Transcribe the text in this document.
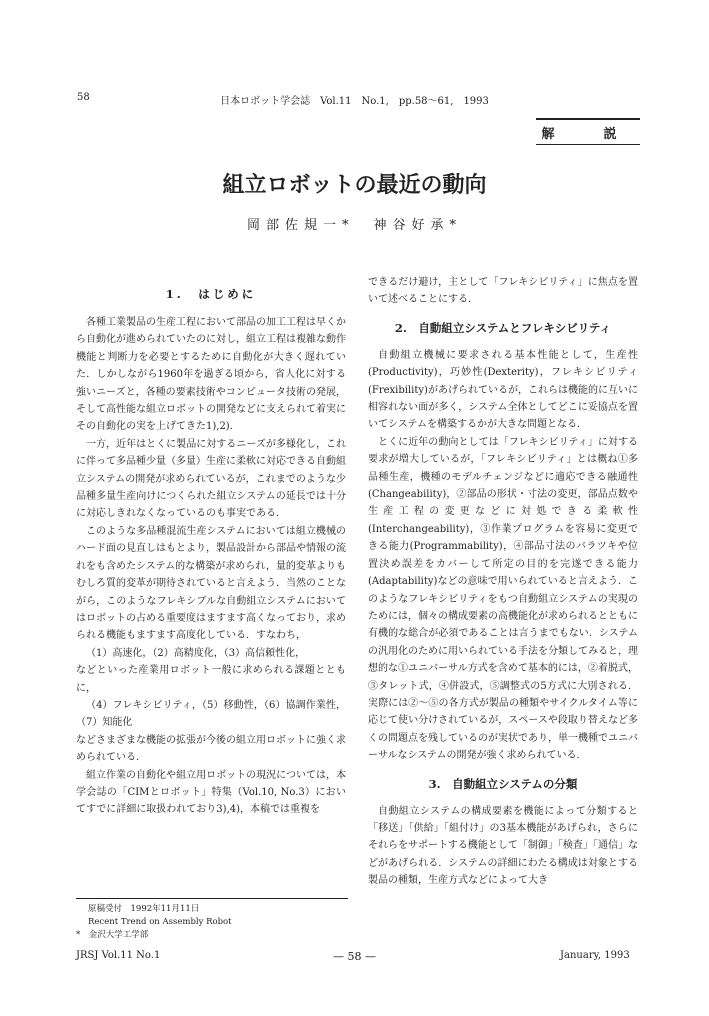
58	日本ロボット学会誌　Vol.11　No.1,　pp.58～61,　1993
解　説
組立ロボットの最近の動向
岡部佐規一*　神谷好承*

1.　はじめに

各種工業製品の生産工程において部品の加工工程は早くから自動化が進められていたのに対し，組立工程は複雑な動作機能と判断力を必要とするために自動化が大きく遅れていた．しかしながら1960年を過ぎる頃から，省人化に対する強いニーズと，各種の要素技術やコンピュータ技術の発展，そして高性能な組立ロボットの開発などに支えられて着実にその自動化の実を上げてきた1),2)．

一方，近年はとくに製品に対するニーズが多様化し，これに伴って多品種少量（多量）生産に柔軟に対応できる自動組立システムの開発が求められているが，これまでのような少品種多量生産向けにつくられた組立システムの延長では十分に対応しきれなくなっているのも事実である．

このような多品種混流生産システムにおいては組立機械のハード面の見直しはもとより，製品設計から部品や情報の流れをも含めたシステム的な構築が求められ，量的変革よりもむしろ質的変革が期待されていると言えよう．当然のことながら，このようなフレキシブルな自動組立システムにおいてはロボットの占める重要度はますます高くなっており，求められる機能もますます高度化している．すなわち，

（1）高速化，（2）高精度化，（3）高信頼性化，

などといった産業用ロボット一般に求められる課題とともに，

（4）フレキシビリティ，（5）移動性，（6）協調作業性，（7）知能化

などさまざまな機能の拡張が今後の組立用ロボットに強く求められている．

組立作業の自動化や組立用ロボットの現況については，本学会誌の「CIMとロボット」特集（Vol.10, No.3）においてすでに詳細に取扱われており3),4)，本稿では重複を

できるだけ避け，主として「フレキシビリティ」に焦点を置いて述べることにする．

2.　自動組立システムとフレキシビリティ

自動組立機械に要求される基本性能として，生産性(Productivity)，巧妙性(Dexterity)，フレキシビリティ(Frexibility)があげられているが，これらは機能的に互いに相容れない面が多く，システム全体としてどこに妥協点を置いてシステムを構築するかが大きな問題となる．

とくに近年の動向としては「フレキシビリティ」に対する要求が増大しているが，「フレキシビリティ」とは概ね①多品種生産，機種のモデルチェンジなどに適応できる融通性(Changeability)，②部品の形状・寸法の変更，部品点数や生産工程の変更などに対処できる柔軟性(Interchangeability)，③作業プログラムを容易に変更できる能力(Programmability)，④部品寸法のバラツキや位置決め誤差をカバーして所定の目的を完遂できる能力(Adaptability)などの意味で用いられていると言えよう．このようなフレキシビリティをもつ自動組立システムの実現のためには，個々の構成要素の高機能化が求められるとともに有機的な総合が必須であることは言うまでもない．システムの汎用化のために用いられている手法を分類してみると，理想的な①ユニバーサル方式を含めて基本的には，②着脱式，③タレット式，④併設式，⑤調整式の5方式に大別される．実際には②～⑤の各方式が製品の種類やサイクルタイム等に応じて使い分けされているが，スペースや段取り替えなど多くの問題点を残しているのが実状であり，単一機種でユニバーサルなシステムの開発が強く求められている．

3.　自動組立システムの分類

自動組立システムの構成要素を機能によって分類すると「移送」「供給」「組付け」の3基本機能があげられ，さらにそれらをサポートする機能として「制御」「検査」「通信」などがあげられる．システムの詳細にわたる構成は対象とする製品の種類，生産方式などによって大き

原稿受付　1992年11月11日
Recent Trend on Assembly Robot
*　金沢大学工学部
JRSJ Vol.11 No.1	— 58 —	January, 1993
